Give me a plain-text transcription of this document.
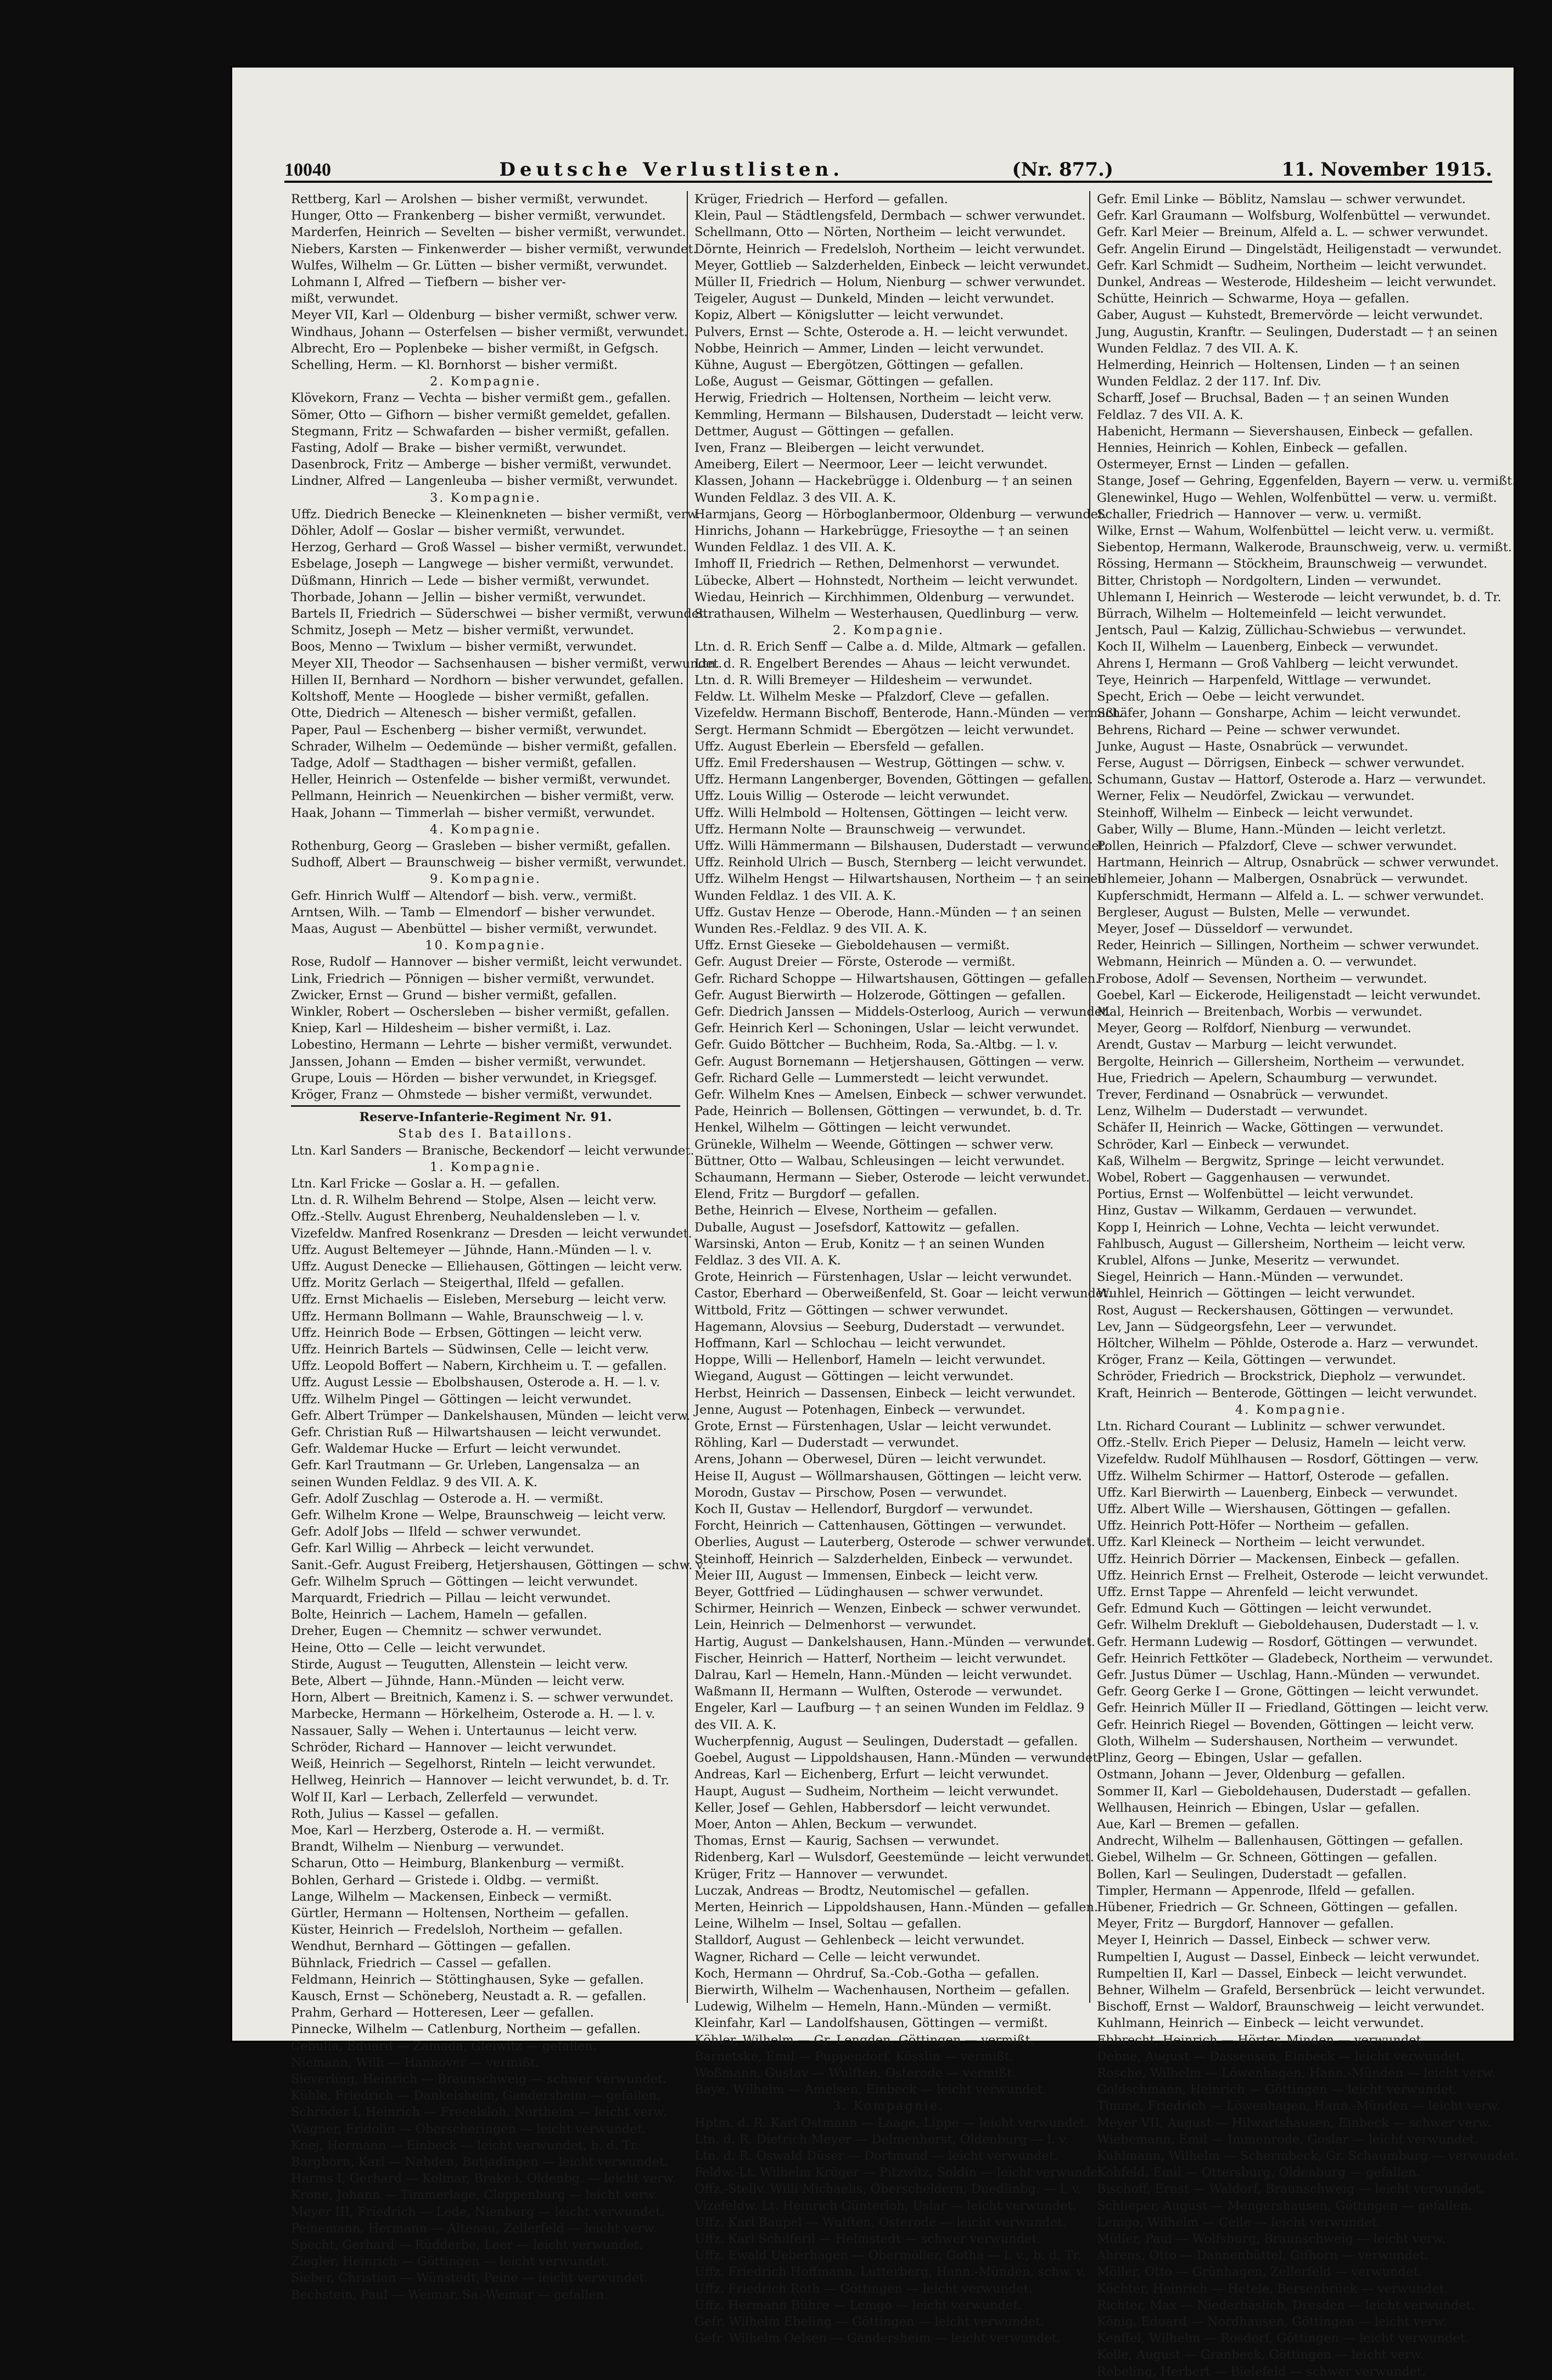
10040	Deutsche Verlustlisten.	(Nr. 877.)	11. November 1915.
Rettberg, Karl — Arolshen — bisher vermißt, verwundet.
Hunger, Otto — Frankenberg — bisher vermißt, verwundet.
Marderfen, Heinrich — Sevelten — bisher vermißt, verwundet.
Niebers, Karsten — Finkenwerder — bisher vermißt, verwundet.
Wulfes, Wilhelm — Gr. Lütten — bisher vermißt, verwundet.
Lohmann I, Alfred — Tiefbern — bisher ver-
mißt, verwundet.
Meyer VII, Karl — Oldenburg — bisher vermißt, schwer verw.
Windhaus, Johann — Osterfelsen — bisher vermißt, verwundet.
Albrecht, Ero — Poplenbeke — bisher vermißt, in Gefgsch.
Schelling, Herm. — Kl. Bornhorst — bisher vermißt.
2. Kompagnie.
Klövekorn, Franz — Vechta — bisher vermißt gem., gefallen.
Sömer, Otto — Gifhorn — bisher vermißt gemeldet, gefallen.
Stegmann, Fritz — Schwafarden — bisher vermißt, gefallen.
Fasting, Adolf — Brake — bisher vermißt, verwundet.
Dasenbrock, Fritz — Amberge — bisher vermißt, verwundet.
Lindner, Alfred — Langenleuba — bisher vermißt, verwundet.
3. Kompagnie.
Uffz. Diedrich Benecke — Kleinenkneten — bisher vermißt, verw.
Döhler, Adolf — Goslar — bisher vermißt, verwundet.
Herzog, Gerhard — Groß Wassel — bisher vermißt, verwundet.
Esbelage, Joseph — Langwege — bisher vermißt, verwundet.
Düßmann, Hinrich — Lede — bisher vermißt, verwundet.
Thorbade, Johann — Jellin — bisher vermißt, verwundet.
Bartels II, Friedrich — Süderschwei — bisher vermißt, verwundet.
Schmitz, Joseph — Metz — bisher vermißt, verwundet.
Boos, Menno — Twixlum — bisher vermißt, verwundet.
Meyer XII, Theodor — Sachsenhausen — bisher vermißt, verwundet.
Hillen II, Bernhard — Nordhorn — bisher verwundet, gefallen.
Koltshoff, Mente — Hooglede — bisher vermißt, gefallen.
Otte, Diedrich — Altenesch — bisher vermißt, gefallen.
Paper, Paul — Eschenberg — bisher vermißt, verwundet.
Schrader, Wilhelm — Oedemünde — bisher vermißt, gefallen.
Tadge, Adolf — Stadthagen — bisher vermißt, gefallen.
Heller, Heinrich — Ostenfelde — bisher vermißt, verwundet.
Pellmann, Heinrich — Neuenkirchen — bisher vermißt, verw.
Haak, Johann — Timmerlah — bisher vermißt, verwundet.
4. Kompagnie.
Rothenburg, Georg — Grasleben — bisher vermißt, gefallen.
Sudhoff, Albert — Braunschweig — bisher vermißt, verwundet.
9. Kompagnie.
Gefr. Hinrich Wulff — Altendorf — bish. verw., vermißt.
Arntsen, Wilh. — Tamb — Elmendorf — bisher verwundet.
Maas, August — Abenbüttel — bisher vermißt, verwundet.
10. Kompagnie.
Rose, Rudolf — Hannover — bisher vermißt, leicht verwundet.
Link, Friedrich — Pönnigen — bisher vermißt, verwundet.
Zwicker, Ernst — Grund — bisher vermißt, gefallen.
Winkler, Robert — Oschersleben — bisher vermißt, gefallen.
Kniep, Karl — Hildesheim — bisher vermißt, i. Laz.
Lobestino, Hermann — Lehrte — bisher vermißt, verwundet.
Janssen, Johann — Emden — bisher vermißt, verwundet.
Grupe, Louis — Hörden — bisher verwundet, in Kriegsgef.
Kröger, Franz — Ohmstede — bisher vermißt, verwundet.
Reserve-Infanterie-Regiment Nr. 91.
Stab des I. Bataillons.
Ltn. Karl Sanders — Branische, Beckendorf — leicht verwundet.
1. Kompagnie.
Ltn. Karl Fricke — Goslar a. H. — gefallen.
Ltn. d. R. Wilhelm Behrend — Stolpe, Alsen — leicht verw.
Offz.-Stellv. August Ehrenberg, Neuhaldensleben — l. v.
Vizefeldw. Manfred Rosenkranz — Dresden — leicht verwundet.
Uffz. August Beltemeyer — Jühnde, Hann.-Münden — l. v.
Uffz. August Denecke — Elliehausen, Göttingen — leicht verw.
Uffz. Moritz Gerlach — Steigerthal, Ilfeld — gefallen.
Uffz. Ernst Michaelis — Eisleben, Merseburg — leicht verw.
Uffz. Hermann Bollmann — Wahle, Braunschweig — l. v.
Uffz. Heinrich Bode — Erbsen, Göttingen — leicht verw.
Uffz. Heinrich Bartels — Südwinsen, Celle — leicht verw.
Uffz. Leopold Boffert — Nabern, Kirchheim u. T. — gefallen.
Uffz. August Lessie — Ebolbshausen, Osterode a. H. — l. v.
Uffz. Wilhelm Pingel — Göttingen — leicht verwundet.
Gefr. Albert Trümper — Dankelshausen, Münden — leicht verw.
Gefr. Christian Ruß — Hilwartshausen — leicht verwundet.
Gefr. Waldemar Hucke — Erfurt — leicht verwundet.
Gefr. Karl Trautmann — Gr. Urleben, Langensalza — an
seinen Wunden Feldlaz. 9 des VII. A. K.
Gefr. Adolf Zuschlag — Osterode a. H. — vermißt.
Gefr. Wilhelm Krone — Welpe, Braunschweig — leicht verw.
Gefr. Adolf Jobs — Ilfeld — schwer verwundet.
Gefr. Karl Willig — Ahrbeck — leicht verwundet.
Sanit.-Gefr. August Freiberg, Hetjershausen, Göttingen — schw. v.
Gefr. Wilhelm Spruch — Göttingen — leicht verwundet.
Marquardt, Friedrich — Pillau — leicht verwundet.
Bolte, Heinrich — Lachem, Hameln — gefallen.
Dreher, Eugen — Chemnitz — schwer verwundet.
Heine, Otto — Celle — leicht verwundet.
Stirde, August — Teugutten, Allenstein — leicht verw.
Bete, Albert — Jühnde, Hann.-Münden — leicht verw.
Horn, Albert — Breitnich, Kamenz i. S. — schwer verwundet.
Marbecke, Hermann — Hörkelheim, Osterode a. H. — l. v.
Nassauer, Sally — Wehen i. Untertaunus — leicht verw.
Schröder, Richard — Hannover — leicht verwundet.
Weiß, Heinrich — Segelhorst, Rinteln — leicht verwundet.
Hellweg, Heinrich — Hannover — leicht verwundet, b. d. Tr.
Wolf II, Karl — Lerbach, Zellerfeld — verwundet.
Roth, Julius — Kassel — gefallen.
Moe, Karl — Herzberg, Osterode a. H. — vermißt.
Brandt, Wilhelm — Nienburg — verwundet.
Scharun, Otto — Heimburg, Blankenburg — vermißt.
Bohlen, Gerhard — Gristede i. Oldbg. — vermißt.
Lange, Wilhelm — Mackensen, Einbeck — vermißt.
Gürtler, Hermann — Holtensen, Northeim — gefallen.
Küster, Heinrich — Fredelsloh, Northeim — gefallen.
Wendhut, Bernhard — Göttingen — gefallen.
Bühnlack, Friedrich — Cassel — gefallen.
Feldmann, Heinrich — Stöttinghausen, Syke — gefallen.
Kausch, Ernst — Schöneberg, Neustadt a. R. — gefallen.
Prahm, Gerhard — Hotteresen, Leer — gefallen.
Pinnecke, Wilhelm — Catlenburg, Northeim — gefallen.
Cebulla, Eduard — Zamada, Gleiwitz — gefallen.
Niemann, Willi — Hannover — vermißt.
Sieverling, Heinrich — Braunschweig — schwer verwundet.
Kühle, Friedrich — Dankelsheim, Gandersheim — gefallen.
Schröder I, Heinrich — Freeelsloh, Northeim — leicht verw.
Wagner, Fridolin — Oberscheringen — leicht verwundet.
Knej, Hermann — Einbeck — leicht verwundet, b. d. Tr.
Bargborn, Karl — Nahden, Butjadingen — leicht verwundet.
Harms I, Gerhard — Kolmar, Brake i. Oldenbg. — leicht verw.
Krone, Johann — Timmerlage, Cloppenburg — leicht verw.
Meyer III, Friedrich — Lede, Nienburg — leicht verwundet.
Peinemann, Hermann — Altenau, Zellerfeld — leicht verw.
Specht, Gerhard — Rüdderbe, Leer — leicht verwundet.
Ziegler, Heinrich — Göttingen — leicht verwundet.
Sieber, Christian — Wünstedt, Peine — leicht verwundet.
Bechstein, Paul — Weimar, Sa.-Weimar — gefallen.
Krüger, Friedrich — Herford — gefallen.
Klein, Paul — Städtlengsfeld, Dermbach — schwer verwundet.
Schellmann, Otto — Nörten, Northeim — leicht verwundet.
Dörnte, Heinrich — Fredelsloh, Northeim — leicht verwundet.
Meyer, Gottlieb — Salzderhelden, Einbeck — leicht verwundet.
Müller II, Friedrich — Holum, Nienburg — schwer verwundet.
Teigeler, August — Dunkeld, Minden — leicht verwundet.
Kopiz, Albert — Königslutter — leicht verwundet.
Pulvers, Ernst — Schte, Osterode a. H. — leicht verwundet.
Nobbe, Heinrich — Ammer, Linden — leicht verwundet.
Kühne, August — Ebergötzen, Göttingen — gefallen.
Loße, August — Geismar, Göttingen — gefallen.
Herwig, Friedrich — Holtensen, Northeim — leicht verw.
Kemmling, Hermann — Bilshausen, Duderstadt — leicht verw.
Dettmer, August — Göttingen — gefallen.
Iven, Franz — Bleibergen — leicht verwundet.
Ameiberg, Eilert — Neermoor, Leer — leicht verwundet.
Klassen, Johann — Hackebrügge i. Oldenburg — † an seinen
Wunden Feldlaz. 3 des VII. A. K.
Harmjans, Georg — Hörboglanbermoor, Oldenburg — verwundet.
Hinrichs, Johann — Harkebrügge, Friesoythe — † an seinen
Wunden Feldlaz. 1 des VII. A. K.
Imhoff II, Friedrich — Rethen, Delmenhorst — verwundet.
Lübecke, Albert — Hohnstedt, Northeim — leicht verwundet.
Wiedau, Heinrich — Kirchhimmen, Oldenburg — verwundet.
Strathausen, Wilhelm — Westerhausen, Quedlinburg — verw.
2. Kompagnie.
Ltn. d. R. Erich Senff — Calbe a. d. Milde, Altmark — gefallen.
Ltn. d. R. Engelbert Berendes — Ahaus — leicht verwundet.
Ltn. d. R. Willi Bremeyer — Hildesheim — verwundet.
Feldw. Lt. Wilhelm Meske — Pfalzdorf, Cleve — gefallen.
Vizefeldw. Hermann Bischoff, Benterode, Hann.-Münden — vermißt.
Sergt. Hermann Schmidt — Ebergötzen — leicht verwundet.
Uffz. August Eberlein — Ebersfeld — gefallen.
Uffz. Emil Fredershausen — Westrup, Göttingen — schw. v.
Uffz. Hermann Langenberger, Bovenden, Göttingen — gefallen.
Uffz. Louis Willig — Osterode — leicht verwundet.
Uffz. Willi Helmbold — Holtensen, Göttingen — leicht verw.
Uffz. Hermann Nolte — Braunschweig — verwundet.
Uffz. Willi Hämmermann — Bilshausen, Duderstadt — verwundet.
Uffz. Reinhold Ulrich — Busch, Sternberg — leicht verwundet.
Uffz. Wilhelm Hengst — Hilwartshausen, Northeim — † an seinen
Wunden Feldlaz. 1 des VII. A. K.
Uffz. Gustav Henze — Oberode, Hann.-Münden — † an seinen
Wunden Res.-Feldlaz. 9 des VII. A. K.
Uffz. Ernst Gieseke — Gieboldehausen — vermißt.
Gefr. August Dreier — Förste, Osterode — vermißt.
Gefr. Richard Schoppe — Hilwartshausen, Göttingen — gefallen.
Gefr. August Bierwirth — Holzerode, Göttingen — gefallen.
Gefr. Diedrich Janssen — Middels-Osterloog, Aurich — verwundet.
Gefr. Heinrich Kerl — Schoningen, Uslar — leicht verwundet.
Gefr. Guido Böttcher — Buchheim, Roda, Sa.-Altbg. — l. v.
Gefr. August Bornemann — Hetjershausen, Göttingen — verw.
Gefr. Richard Gelle — Lummerstedt — leicht verwundet.
Gefr. Wilhelm Knes — Amelsen, Einbeck — schwer verwundet.
Pade, Heinrich — Bollensen, Göttingen — verwundet, b. d. Tr.
Henkel, Wilhelm — Göttingen — leicht verwundet.
Grünekle, Wilhelm — Weende, Göttingen — schwer verw.
Büttner, Otto — Walbau, Schleusingen — leicht verwundet.
Schaumann, Hermann — Sieber, Osterode — leicht verwundet.
Elend, Fritz — Burgdorf — gefallen.
Bethe, Heinrich — Elvese, Northeim — gefallen.
Duballe, August — Josefsdorf, Kattowitz — gefallen.
Warsinski, Anton — Erub, Konitz — † an seinen Wunden
Feldlaz. 3 des VII. A. K.
Grote, Heinrich — Fürstenhagen, Uslar — leicht verwundet.
Castor, Eberhard — Oberweißenfeld, St. Goar — leicht verwundet.
Wittbold, Fritz — Göttingen — schwer verwundet.
Hagemann, Alovsius — Seeburg, Duderstadt — verwundet.
Hoffmann, Karl — Schlochau — leicht verwundet.
Hoppe, Willi — Hellenborf, Hameln — leicht verwundet.
Wiegand, August — Göttingen — leicht verwundet.
Herbst, Heinrich — Dassensen, Einbeck — leicht verwundet.
Jenne, August — Potenhagen, Einbeck — verwundet.
Grote, Ernst — Fürstenhagen, Uslar — leicht verwundet.
Röhling, Karl — Duderstadt — verwundet.
Arens, Johann — Oberwesel, Düren — leicht verwundet.
Heise II, August — Wöllmarshausen, Göttingen — leicht verw.
Morodn, Gustav — Pirschow, Posen — verwundet.
Koch II, Gustav — Hellendorf, Burgdorf — verwundet.
Forcht, Heinrich — Cattenhausen, Göttingen — verwundet.
Oberlies, August — Lauterberg, Osterode — schwer verwundet.
Steinhoff, Heinrich — Salzderhelden, Einbeck — verwundet.
Meier III, August — Immensen, Einbeck — leicht verw.
Beyer, Gottfried — Lüdinghausen — schwer verwundet.
Schirmer, Heinrich — Wenzen, Einbeck — schwer verwundet.
Lein, Heinrich — Delmenhorst — verwundet.
Hartig, August — Dankelshausen, Hann.-Münden — verwundet.
Fischer, Heinrich — Hatterf, Northeim — leicht verwundet.
Dalrau, Karl — Hemeln, Hann.-Münden — leicht verwundet.
Waßmann II, Hermann — Wulften, Osterode — verwundet.
Engeler, Karl — Laufburg — † an seinen Wunden im Feldlaz. 9
des VII. A. K.
Wucherpfennig, August — Seulingen, Duderstadt — gefallen.
Goebel, August — Lippoldshausen, Hann.-Münden — verwundet.
Andreas, Karl — Eichenberg, Erfurt — leicht verwundet.
Haupt, August — Sudheim, Northeim — leicht verwundet.
Keller, Josef — Gehlen, Habbersdorf — leicht verwundet.
Moer, Anton — Ahlen, Beckum — verwundet.
Thomas, Ernst — Kaurig, Sachsen — verwundet.
Ridenberg, Karl — Wulsdorf, Geestemünde — leicht verwundet.
Krüger, Fritz — Hannover — verwundet.
Luczak, Andreas — Brodtz, Neutomischel — gefallen.
Merten, Heinrich — Lippoldshausen, Hann.-Münden — gefallen.
Leine, Wilhelm — Insel, Soltau — gefallen.
Stalldorf, August — Gehlenbeck — leicht verwundet.
Wagner, Richard — Celle — leicht verwundet.
Koch, Hermann — Ohrdruf, Sa.-Cob.-Gotha — gefallen.
Bierwirth, Wilhelm — Wachenhausen, Northeim — gefallen.
Ludewig, Wilhelm — Hemeln, Hann.-Münden — vermißt.
Kleinfahr, Karl — Landolfshausen, Göttingen — vermißt.
Köhler, Wilhelm — Gr. Lengden, Göttingen — vermißt.
Barnetske, Emil — Puppendorf, Kösslin — vermißt.
Woßmann, Gustav — Wulften, Osterode — vermißt.
Baye, Wilhelm — Amelsen, Einbeck — leicht verwundet.
3. Kompagnie.
Hptm. d. R. Karl Ostmann — Laage, Lippe — leicht verwundet.
Ltn. d. R. Dietrich Meyer — Delmenhorst, Oldenburg — l. v.
Ltn. d. R. Oswald Düser — Dortmund — leicht verwundet.
Feldw.-Lt. Wilhelm Krüger — Pitzwitz, Soldin — leicht verwundet.
Offz.-Stellv. Willi Michaelis, Oberscheldern, Duedlinbg. — l. v.
Vizefeldw. Lt. Heinrich Günterloh, Uslar — leicht verwundet.
Uffz. Karl Baupel — Wulften, Osterode — leicht verwundet.
Uffz. Karl Schilferil — Helmstedt — schwer verwundet.
Uffz. Ewald Ueberhagen — Obermöller, Gotha — l. v., b. d. Tr.
Uffz. Friedrich Hoffmann, Lutterberg, Hann.-Münden, schw. v.
Uffz. Friedrich Roth — Göttingen — leicht verwundet.
Uffz. Hermann Bühre — Lemgo — leicht verwundet.
Gefr. Wilhelm Ebeling — Göttingen — leicht verwundet.
Gefr. Wilhelm Oelsen — Gandersheim — leicht verwundet.
Gefr. Emil Linke — Böblitz, Namslau — schwer verwundet.
Gefr. Karl Graumann — Wolfsburg, Wolfenbüttel — verwundet.
Gefr. Karl Meier — Breinum, Alfeld a. L. — schwer verwundet.
Gefr. Angelin Eirund — Dingelstädt, Heiligenstadt — verwundet.
Gefr. Karl Schmidt — Sudheim, Northeim — leicht verwundet.
Dunkel, Andreas — Westerode, Hildesheim — leicht verwundet.
Schütte, Heinrich — Schwarme, Hoya — gefallen.
Gaber, August — Kuhstedt, Bremervörde — leicht verwundet.
Jung, Augustin, Kranftr. — Seulingen, Duderstadt — † an seinen
Wunden Feldlaz. 7 des VII. A. K.
Helmerding, Heinrich — Holtensen, Linden — † an seinen
Wunden Feldlaz. 2 der 117. Inf. Div.
Scharff, Josef — Bruchsal, Baden — † an seinen Wunden
Feldlaz. 7 des VII. A. K.
Habenicht, Hermann — Sievershausen, Einbeck — gefallen.
Hennies, Heinrich — Kohlen, Einbeck — gefallen.
Ostermeyer, Ernst — Linden — gefallen.
Stange, Josef — Gehring, Eggenfelden, Bayern — verw. u. vermißt.
Glenewinkel, Hugo — Wehlen, Wolfenbüttel — verw. u. vermißt.
Schaller, Friedrich — Hannover — verw. u. vermißt.
Wilke, Ernst — Wahum, Wolfenbüttel — leicht verw. u. vermißt.
Siebentop, Hermann, Walkerode, Braunschweig, verw. u. vermißt.
Rössing, Hermann — Stöckheim, Braunschweig — verwundet.
Bitter, Christoph — Nordgoltern, Linden — verwundet.
Uhlemann I, Heinrich — Westerode — leicht verwundet, b. d. Tr.
Bürrach, Wilhelm — Holtemeinfeld — leicht verwundet.
Jentsch, Paul — Kalzig, Züllichau-Schwiebus — verwundet.
Koch II, Wilhelm — Lauenberg, Einbeck — verwundet.
Ahrens I, Hermann — Groß Vahlberg — leicht verwundet.
Teye, Heinrich — Harpenfeld, Wittlage — verwundet.
Specht, Erich — Oebe — leicht verwundet.
Schäfer, Johann — Gonsharpe, Achim — leicht verwundet.
Behrens, Richard — Peine — schwer verwundet.
Junke, August — Haste, Osnabrück — verwundet.
Ferse, August — Dörrigsen, Einbeck — schwer verwundet.
Schumann, Gustav — Hattorf, Osterode a. Harz — verwundet.
Werner, Felix — Neudörfel, Zwickau — verwundet.
Steinhoff, Wilhelm — Einbeck — leicht verwundet.
Gaber, Willy — Blume, Hann.-Münden — leicht verletzt.
Pollen, Heinrich — Pfalzdorf, Cleve — schwer verwundet.
Hartmann, Heinrich — Altrup, Osnabrück — schwer verwundet.
Uhlemeier, Johann — Malbergen, Osnabrück — verwundet.
Kupferschmidt, Hermann — Alfeld a. L. — schwer verwundet.
Bergleser, August — Bulsten, Melle — verwundet.
Meyer, Josef — Düsseldorf — verwundet.
Reder, Heinrich — Sillingen, Northeim — schwer verwundet.
Webmann, Heinrich — Münden a. O. — verwundet.
Frobose, Adolf — Sevensen, Northeim — verwundet.
Goebel, Karl — Eickerode, Heiligenstadt — leicht verwundet.
Mal, Heinrich — Breitenbach, Worbis — verwundet.
Meyer, Georg — Rolfdorf, Nienburg — verwundet.
Arendt, Gustav — Marburg — leicht verwundet.
Bergolte, Heinrich — Gillersheim, Northeim — verwundet.
Hue, Friedrich — Apelern, Schaumburg — verwundet.
Trever, Ferdinand — Osnabrück — verwundet.
Lenz, Wilhelm — Duderstadt — verwundet.
Schäfer II, Heinrich — Wacke, Göttingen — verwundet.
Schröder, Karl — Einbeck — verwundet.
Kaß, Wilhelm — Bergwitz, Springe — leicht verwundet.
Wobel, Robert — Gaggenhausen — verwundet.
Portius, Ernst — Wolfenbüttel — leicht verwundet.
Hinz, Gustav — Wilkamm, Gerdauen — verwundet.
Kopp I, Heinrich — Lohne, Vechta — leicht verwundet.
Fahlbusch, August — Gillersheim, Northeim — leicht verw.
Krublel, Alfons — Junke, Meseritz — verwundet.
Siegel, Heinrich — Hann.-Münden — verwundet.
Wuhlel, Heinrich — Göttingen — leicht verwundet.
Rost, August — Reckershausen, Göttingen — verwundet.
Lev, Jann — Südgeorgsfehn, Leer — verwundet.
Höltcher, Wilhelm — Pöhlde, Osterode a. Harz — verwundet.
Kröger, Franz — Keila, Göttingen — verwundet.
Schröder, Friedrich — Brockstrick, Diepholz — verwundet.
Kraft, Heinrich — Benterode, Göttingen — leicht verwundet.
4. Kompagnie.
Ltn. Richard Courant — Lublinitz — schwer verwundet.
Offz.-Stellv. Erich Pieper — Delusiz, Hameln — leicht verw.
Vizefeldw. Rudolf Mühlhausen — Rosdorf, Göttingen — verw.
Uffz. Wilhelm Schirmer — Hattorf, Osterode — gefallen.
Uffz. Karl Bierwirth — Lauenberg, Einbeck — verwundet.
Uffz. Albert Wille — Wiershausen, Göttingen — gefallen.
Uffz. Heinrich Pott-Höfer — Northeim — gefallen.
Uffz. Karl Kleineck — Northeim — leicht verwundet.
Uffz. Heinrich Dörrier — Mackensen, Einbeck — gefallen.
Uffz. Heinrich Ernst — Frelheit, Osterode — leicht verwundet.
Uffz. Ernst Tappe — Ahrenfeld — leicht verwundet.
Gefr. Edmund Kuch — Göttingen — leicht verwundet.
Gefr. Wilhelm Drekluft — Gieboldehausen, Duderstadt — l. v.
Gefr. Hermann Ludewig — Rosdorf, Göttingen — verwundet.
Gefr. Heinrich Fettköter — Gladebeck, Northeim — verwundet.
Gefr. Justus Dümer — Uschlag, Hann.-Münden — verwundet.
Gefr. Georg Gerke I — Grone, Göttingen — leicht verwundet.
Gefr. Heinrich Müller II — Friedland, Göttingen — leicht verw.
Gefr. Heinrich Riegel — Bovenden, Göttingen — leicht verw.
Gloth, Wilhelm — Sudershausen, Northeim — verwundet.
Plinz, Georg — Ebingen, Uslar — gefallen.
Ostmann, Johann — Jever, Oldenburg — gefallen.
Sommer II, Karl — Gieboldehausen, Duderstadt — gefallen.
Wellhausen, Heinrich — Ebingen, Uslar — gefallen.
Aue, Karl — Bremen — gefallen.
Andrecht, Wilhelm — Ballenhausen, Göttingen — gefallen.
Giebel, Wilhelm — Gr. Schneen, Göttingen — gefallen.
Bollen, Karl — Seulingen, Duderstadt — gefallen.
Timpler, Hermann — Appenrode, Ilfeld — gefallen.
Hübener, Friedrich — Gr. Schneen, Göttingen — gefallen.
Meyer, Fritz — Burgdorf, Hannover — gefallen.
Meyer I, Heinrich — Dassel, Einbeck — schwer verw.
Rumpeltien I, August — Dassel, Einbeck — leicht verwundet.
Rumpeltien II, Karl — Dassel, Einbeck — leicht verwundet.
Behner, Wilhelm — Grafeld, Bersenbrück — leicht verwundet.
Bischoff, Ernst — Waldorf, Braunschweig — leicht verwundet.
Kuhlmann, Heinrich — Einbeck — leicht verwundet.
Ebbrecht, Heinrich — Hörter, Minden — verwundet.
Debne, August — Dassensen, Einbeck — leicht verwundet.
Rosche, Wilhelm — Löwenhagen, Hann.-Münden — leicht verw.
Goldschmann, Heinrich — Göttingen — leicht verwundet.
Timme, Friedrich — Löwenhagen, Hann.-Münden — leicht verw.
Meyer VII, August — Hilwartshausen, Einbeck — schwer verw.
Wiebemann, Emil — Immenrode, Goslar — leicht verwundet.
Kuhlmann, Wilhelm — Schermbeck, Gr. Schaumburg — verwundet.
Kohfeld, Emil — Ottersburg, Oldenburg — gefallen.
Bischoff, Ernst — Waldorf, Braunschweig — leicht verwundet.
Schlieper, August — Mengershausen, Göttingen — gefallen.
Lemgo, Wilhelm — Celle — leicht verwundet.
Müller, Paul — Wolfsburg, Braunschweig — leicht verw.
Ahrens, Otto — Dannenbüttel, Gifhorn — verwundet.
Möller, Otto — Grünhagen, Zellerfeld — verwundet.
Köchter, Heinrich — Hetele, Bersenbrück — verwundet.
Richter, Max — Niederhäslich, Dresden — leicht verwundet.
König, Eduard — Nordhausen, Göttingen — leicht verw.
Kenffel, Wilhelm — Rosdorf, Göttingen — leicht verwundet.
Kolle, August — Granbeck, Göttingen — leicht verw.
Rebeling, Herbert — Bielefeld — schwer verwundet.
